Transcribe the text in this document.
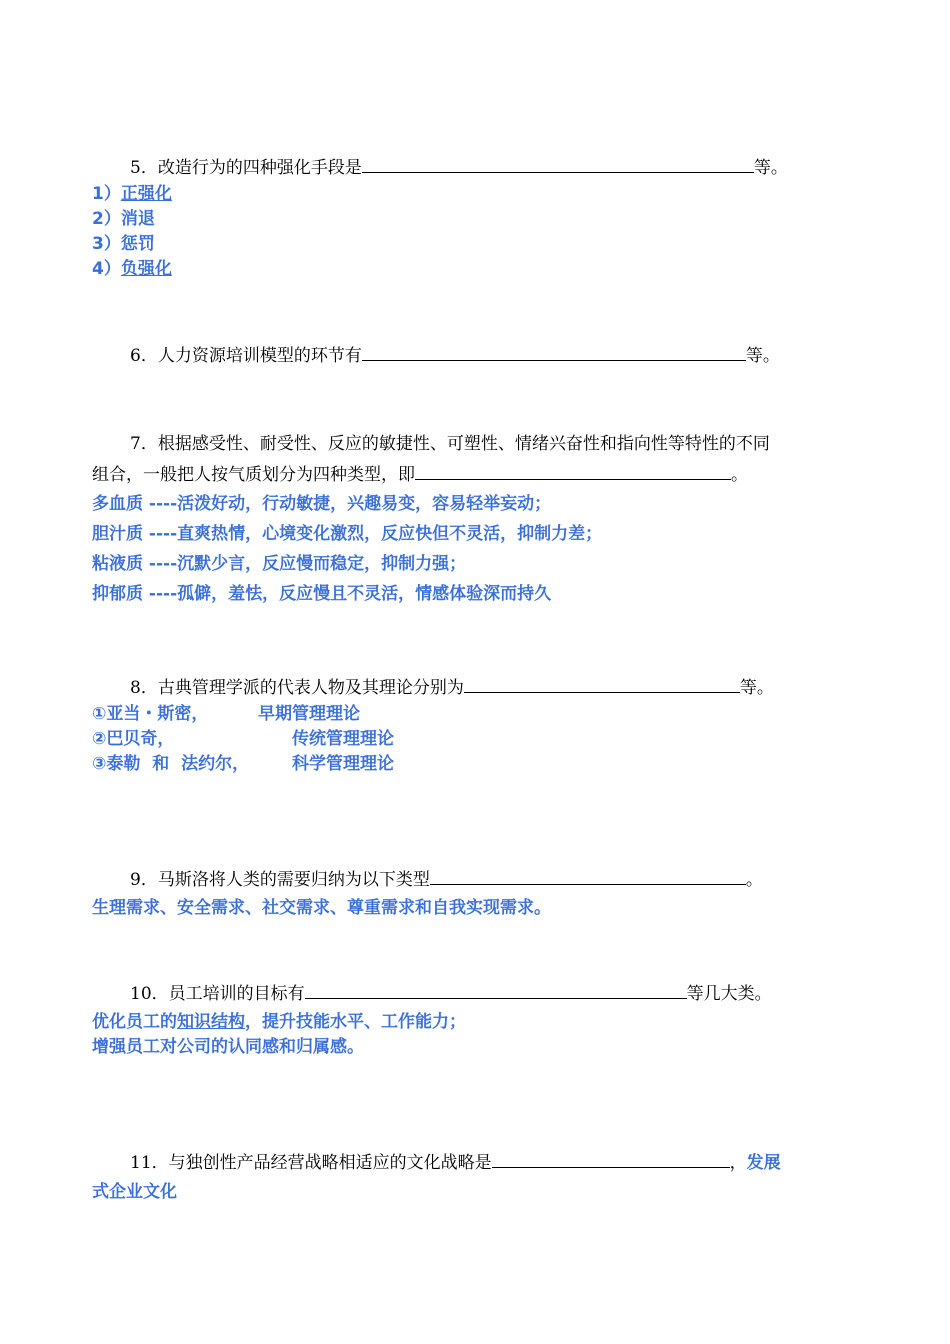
5．改造行为的四种强化手段是	等。
1）正强化
2）消退
3）惩罚
4）负强化
6．人力资源培训模型的环节有	等。
7．根据感受性、耐受性、反应的敏捷性、可塑性、情绪兴奋性和指向性等特性的不同
组合，一般把人按气质划分为四种类型，即	。
多血质 ----活泼好动，行动敏捷，兴趣易变，容易轻举妄动；
胆汁质 ----直爽热情，心境变化激烈，反应快但不灵活，抑制力差；
粘液质 ----沉默少言，反应慢而稳定，抑制力强；
抑郁质 ----孤僻，羞怯，反应慢且不灵活，情感体验深而持久
8．古典管理学派的代表人物及其理论分别为	等。
①亚当・斯密，	早期管理理论
②巴贝奇，	传统管理理论
③泰勒  和  法约尔，	科学管理理论
9．马斯洛将人类的需要归纳为以下类型	。
生理需求、安全需求、社交需求、尊重需求和自我实现需求。
10．员工培训的目标有	等几大类。
优化员工的知识结构，提升技能水平、工作能力；
增强员工对公司的认同感和归属感。
11．与独创性产品经营战略相适应的文化战略是	，发展
式企业文化
